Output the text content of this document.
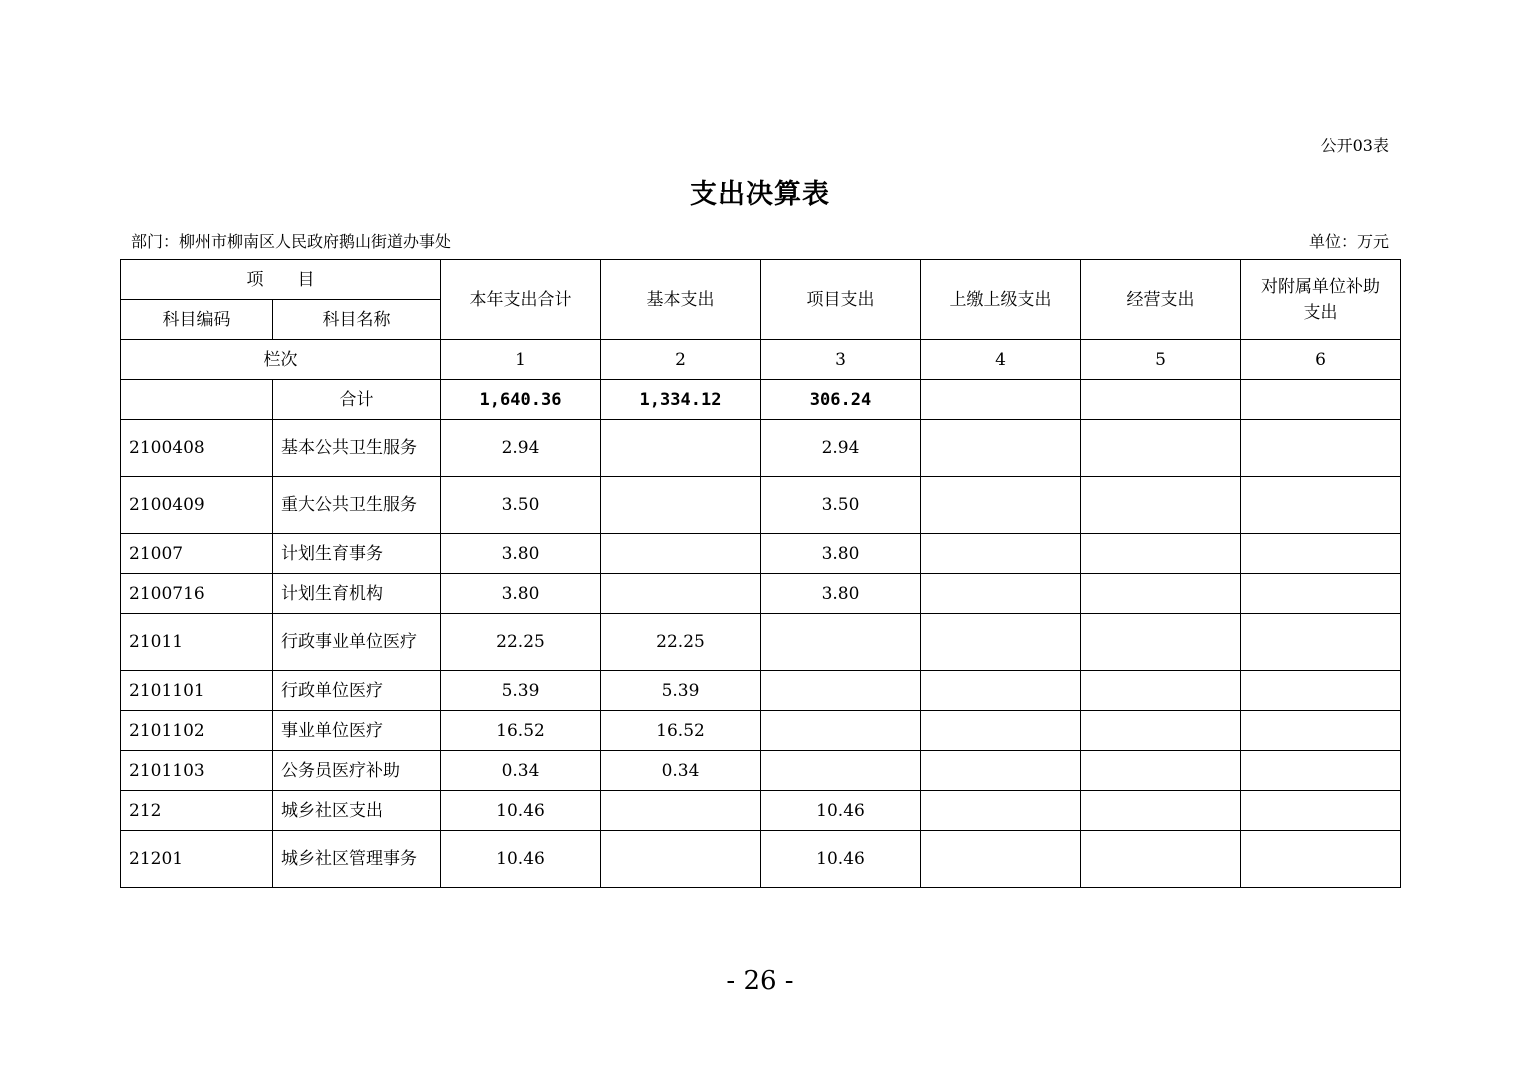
公开03表
支出决算表
部门：柳州市柳南区人民政府鹅山街道办事处	单位：万元
项　　目		本年支出合计	基本支出	项目支出	上缴上级支出	经营支出	对附属单位补助支出
科目编码	科目名称						
栏次		1	2	3	4	5	6
	合计	1,640.36	1,334.12	306.24			
2100408	基本公共卫生服务	2.94		2.94			
2100409	重大公共卫生服务	3.50		3.50			
21007	计划生育事务	3.80		3.80			
2100716	计划生育机构	3.80		3.80			
21011	行政事业单位医疗	22.25	22.25				
2101101	行政单位医疗	5.39	5.39				
2101102	事业单位医疗	16.52	16.52				
2101103	公务员医疗补助	0.34	0.34				
212	城乡社区支出	10.46		10.46			
21201	城乡社区管理事务	10.46		10.46			
- 26 -
